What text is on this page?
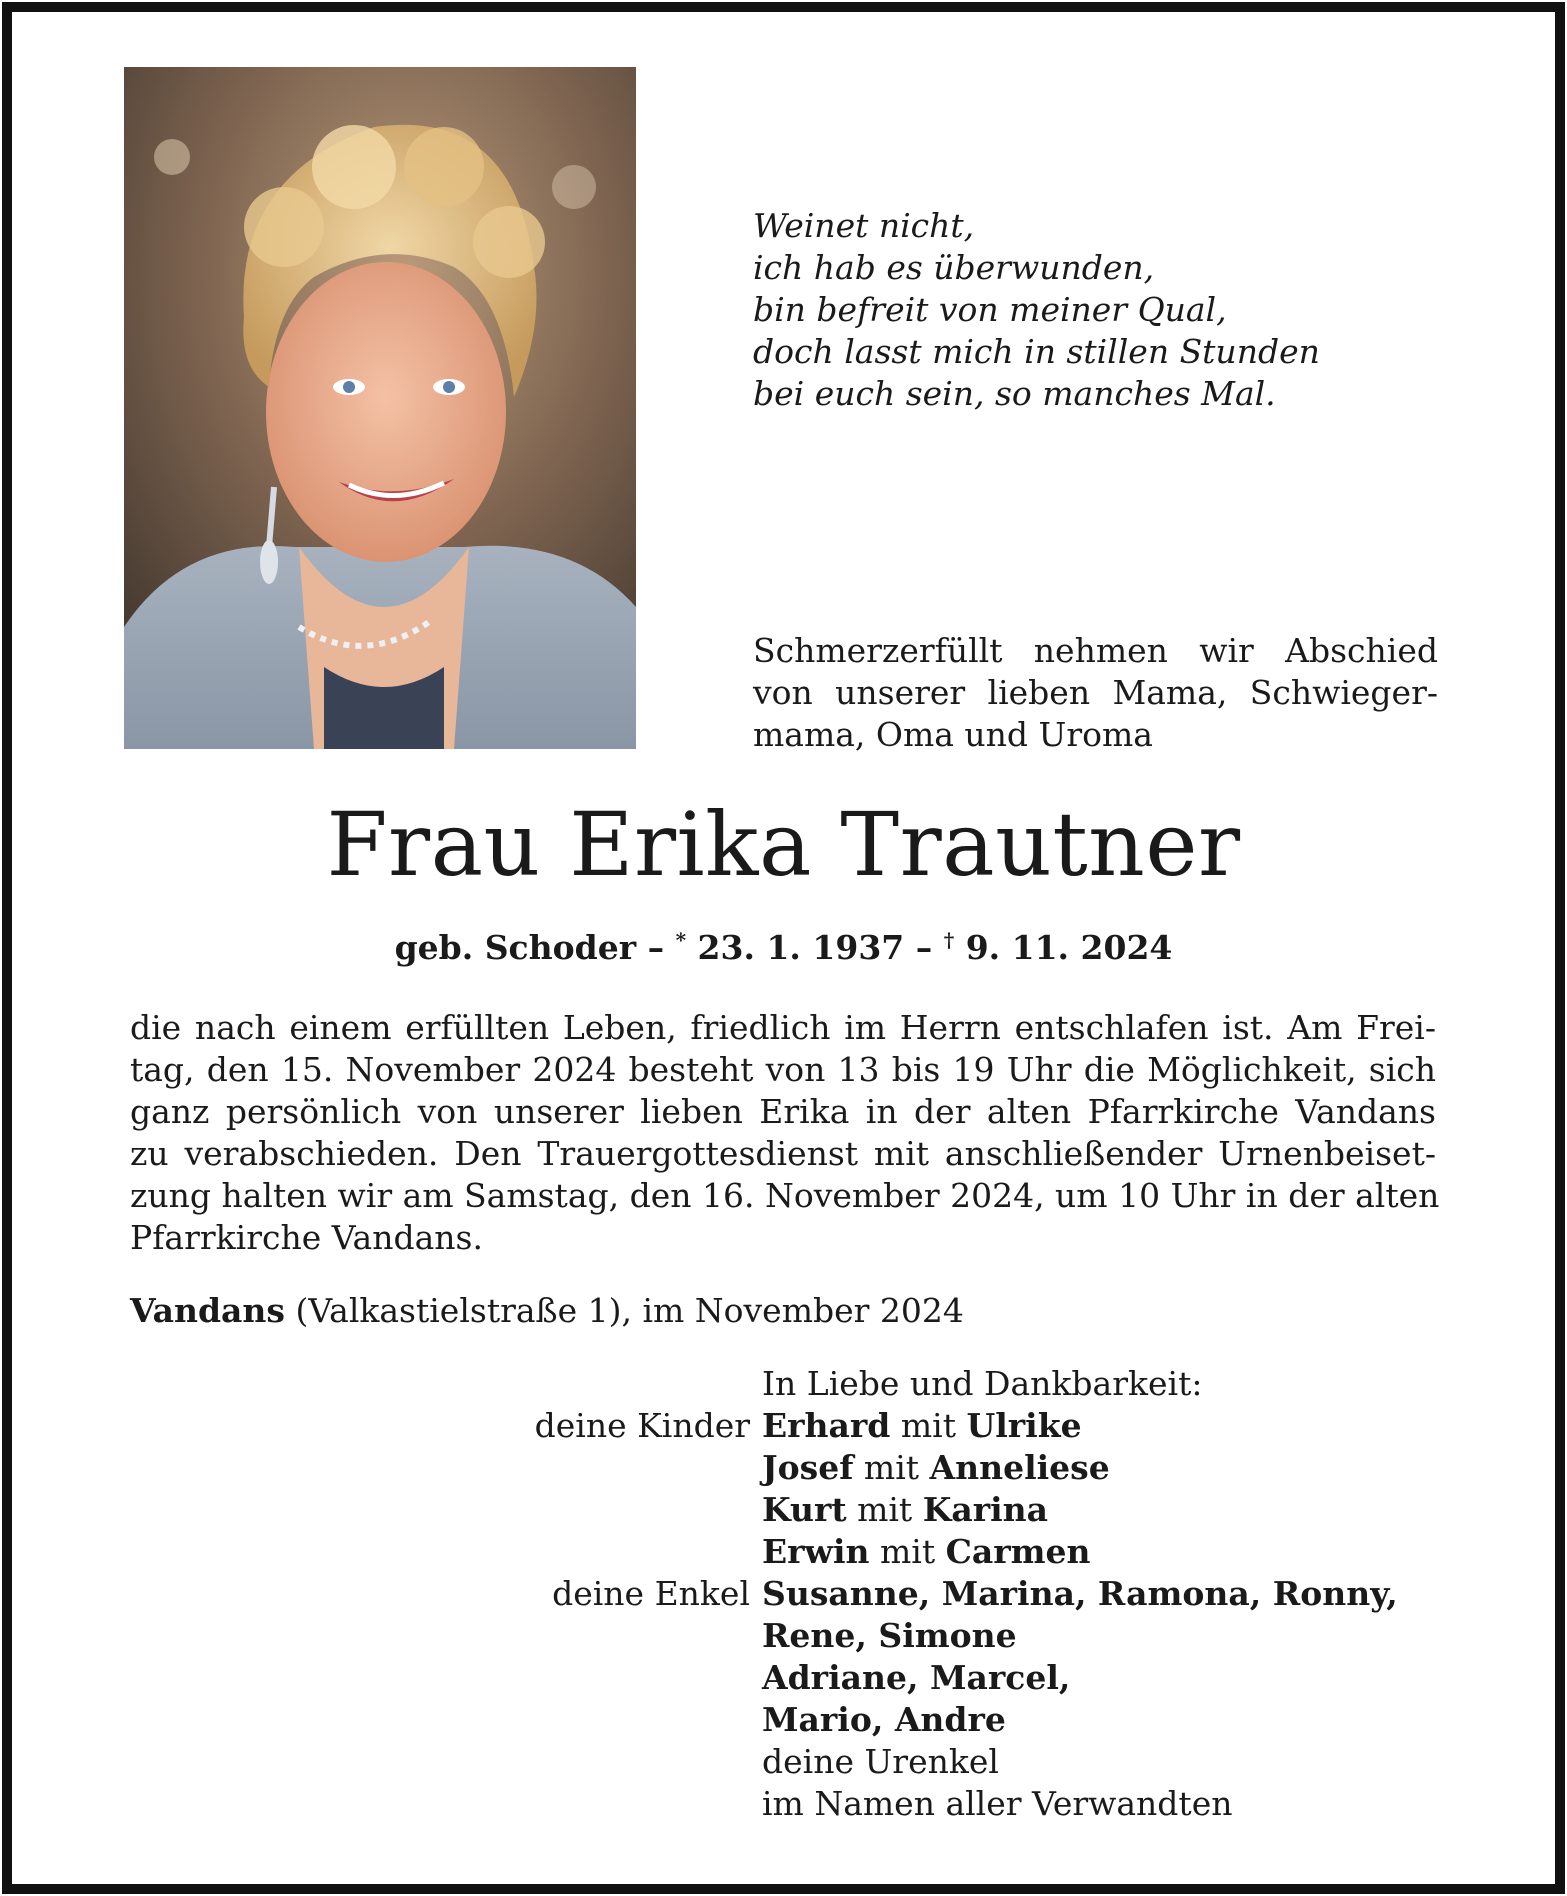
Weinet nicht,
ich hab es überwunden,
bin befreit von meiner Qual,
doch lasst mich in stillen Stunden
bei euch sein, so manches Mal.
Schmerzerfüllt nehmen wir Abschied
von unserer lieben Mama, Schwieger-
mama, Oma und Uroma
Frau Erika Trautner
geb. Schoder – * 23. 1. 1937 – † 9. 11. 2024
die nach einem erfüllten Leben, friedlich im Herrn entschlafen ist. Am Frei-
tag, den 15. November 2024 besteht von 13 bis 19 Uhr die Möglichkeit, sich
ganz persönlich von unserer lieben Erika in der alten Pfarrkirche Vandans
zu verabschieden. Den Trauergottesdienst mit anschließender Urnenbeiset-
zung halten wir am Samstag, den 16. November 2024, um 10 Uhr in der alten
Pfarrkirche Vandans.
Vandans (Valkastielstraße 1), im November 2024
In Liebe und Dankbarkeit:
deine Kinder Erhard mit Ulrike
Josef mit Anneliese
Kurt mit Karina
Erwin mit Carmen
deine Enkel Susanne, Marina, Ramona, Ronny,
Rene, Simone
Adriane, Marcel,
Mario, Andre
deine Urenkel
im Namen aller Verwandten
